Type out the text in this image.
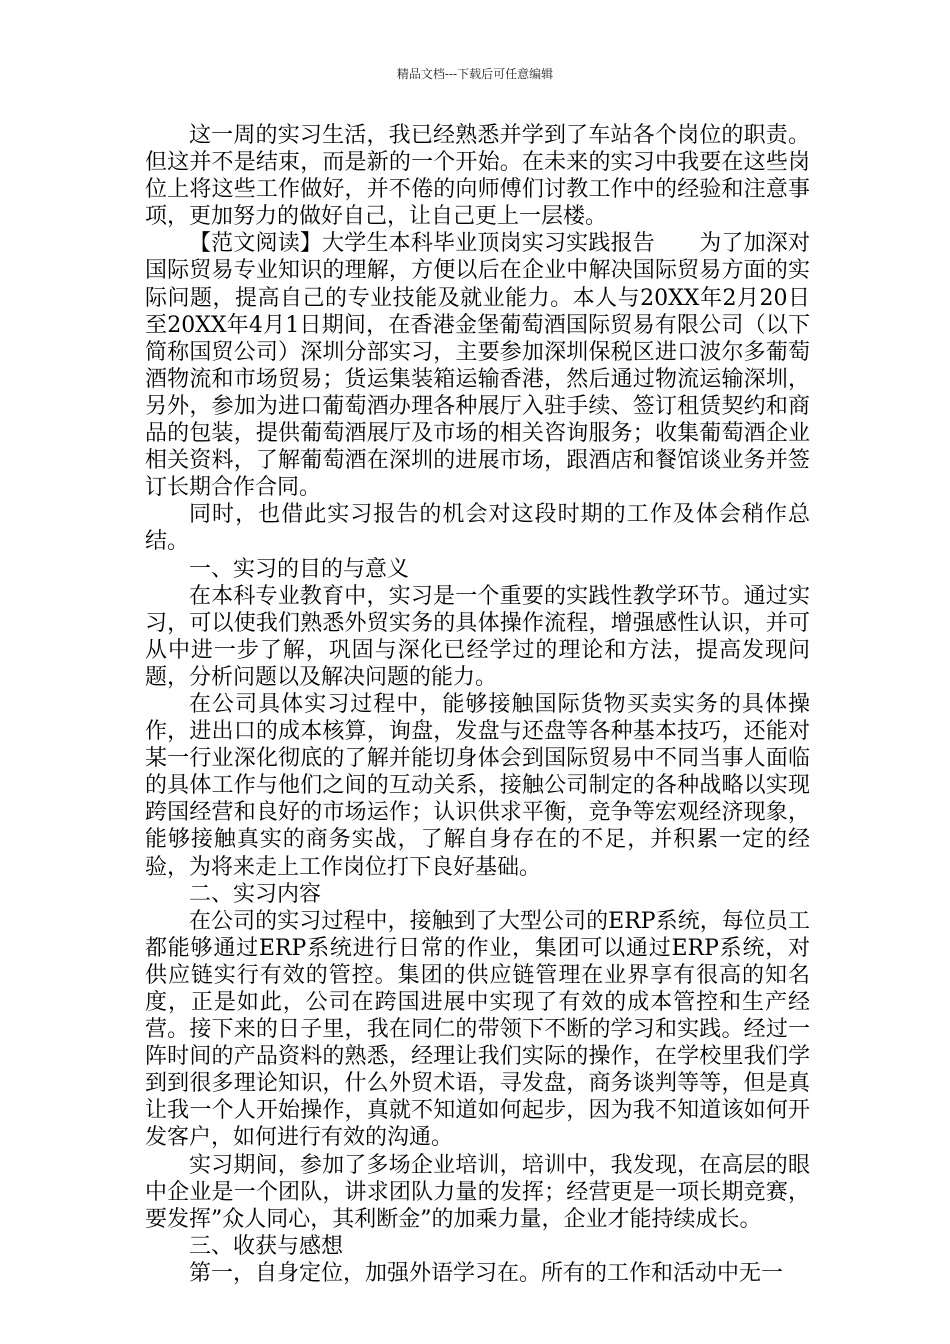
精品文档---下载后可任意编辑

这一周的实习生活，我已经熟悉并学到了车站各个岗位的职责。但这并不是结束，而是新的一个开始。在未来的实习中我要在这些岗位上将这些工作做好，并不倦的向师傅们讨教工作中的经验和注意事项，更加努力的做好自己，让自己更上一层楼。

【范文阅读】大学生本科毕业顶岗实习实践报告　　为了加深对国际贸易专业知识的理解，方便以后在企业中解决国际贸易方面的实际问题，提高自己的专业技能及就业能力。本人与20XX年2月20日至20XX年4月1日期间，在香港金堡葡萄酒国际贸易有限公司（以下简称国贸公司）深圳分部实习，主要参加深圳保税区进口波尔多葡萄酒物流和市场贸易；货运集装箱运输香港，然后通过物流运输深圳，另外，参加为进口葡萄酒办理各种展厅入驻手续、签订租赁契约和商品的包装，提供葡萄酒展厅及市场的相关咨询服务；收集葡萄酒企业相关资料，了解葡萄酒在深圳的进展市场，跟酒店和餐馆谈业务并签订长期合作合同。

同时，也借此实习报告的机会对这段时期的工作及体会稍作总结。

一、实习的目的与意义

在本科专业教育中，实习是一个重要的实践性教学环节。通过实习，可以使我们熟悉外贸实务的具体操作流程，增强感性认识，并可从中进一步了解，巩固与深化已经学过的理论和方法，提高发现问题，分析问题以及解决问题的能力。

在公司具体实习过程中，能够接触国际货物买卖实务的具体操作，进出口的成本核算，询盘，发盘与还盘等各种基本技巧，还能对某一行业深化彻底的了解并能切身体会到国际贸易中不同当事人面临的具体工作与他们之间的互动关系，接触公司制定的各种战略以实现跨国经营和良好的市场运作；认识供求平衡，竞争等宏观经济现象，能够接触真实的商务实战，了解自身存在的不足，并积累一定的经验，为将来走上工作岗位打下良好基础。

二、实习内容

在公司的实习过程中，接触到了大型公司的ERP系统，每位员工都能够通过ERP系统进行日常的作业，集团可以通过ERP系统，对供应链实行有效的管控。集团的供应链管理在业界享有很高的知名度，正是如此，公司在跨国进展中实现了有效的成本管控和生产经营。接下来的日子里，我在同仁的带领下不断的学习和实践。经过一阵时间的产品资料的熟悉，经理让我们实际的操作，在学校里我们学到到很多理论知识，什么外贸术语，寻发盘，商务谈判等等，但是真让我一个人开始操作，真就不知道如何起步，因为我不知道该如何开发客户，如何进行有效的沟通。

实习期间，参加了多场企业培训，培训中，我发现，在高层的眼中企业是一个团队，讲求团队力量的发挥；经营更是一项长期竞赛，要发挥”众人同心，其利断金”的加乘力量，企业才能持续成长。

三、收获与感想

第一，自身定位，加强外语学习在。所有的工作和活动中无一
